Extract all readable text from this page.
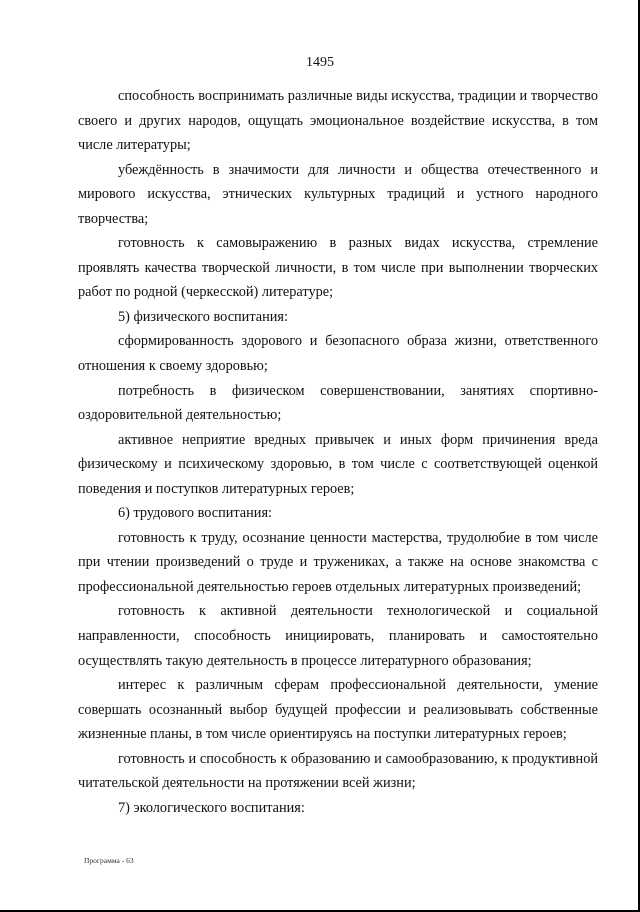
1495

способность воспринимать различные виды искусства, традиции и творчество своего и других народов, ощущать эмоциональное воздействие искусства, в том числе литературы;

убеждённость в значимости для личности и общества отечественного и мирового искусства, этнических культурных традиций и устного народного творчества;

готовность к самовыражению в разных видах искусства, стремление проявлять качества творческой личности, в том числе при выполнении творческих работ по родной (черкесской) литературе;

5) физического воспитания:

сформированность здорового и безопасного образа жизни, ответственного отношения к своему здоровью;

потребность в физическом совершенствовании, занятиях спортивно-оздоровительной деятельностью;

активное неприятие вредных привычек и иных форм причинения вреда физическому и психическому здоровью, в том числе с соответствующей оценкой поведения и поступков литературных героев;

6) трудового воспитания:

готовность к труду, осознание ценности мастерства, трудолюбие в том числе при чтении произведений о труде и тружениках, а также на основе знакомства с профессиональной деятельностью героев отдельных литературных произведений;

готовность к активной деятельности технологической и социальной направленности, способность инициировать, планировать и самостоятельно осуществлять такую деятельность в процессе литературного образования;

интерес к различным сферам профессиональной деятельности, умение совершать осознанный выбор будущей профессии и реализовывать собственные жизненные планы, в том числе ориентируясь на поступки литературных героев;

готовность и способность к образованию и самообразованию, к продуктивной читательской деятельности на протяжении всей жизни;

7) экологического воспитания:

Программа - 63
